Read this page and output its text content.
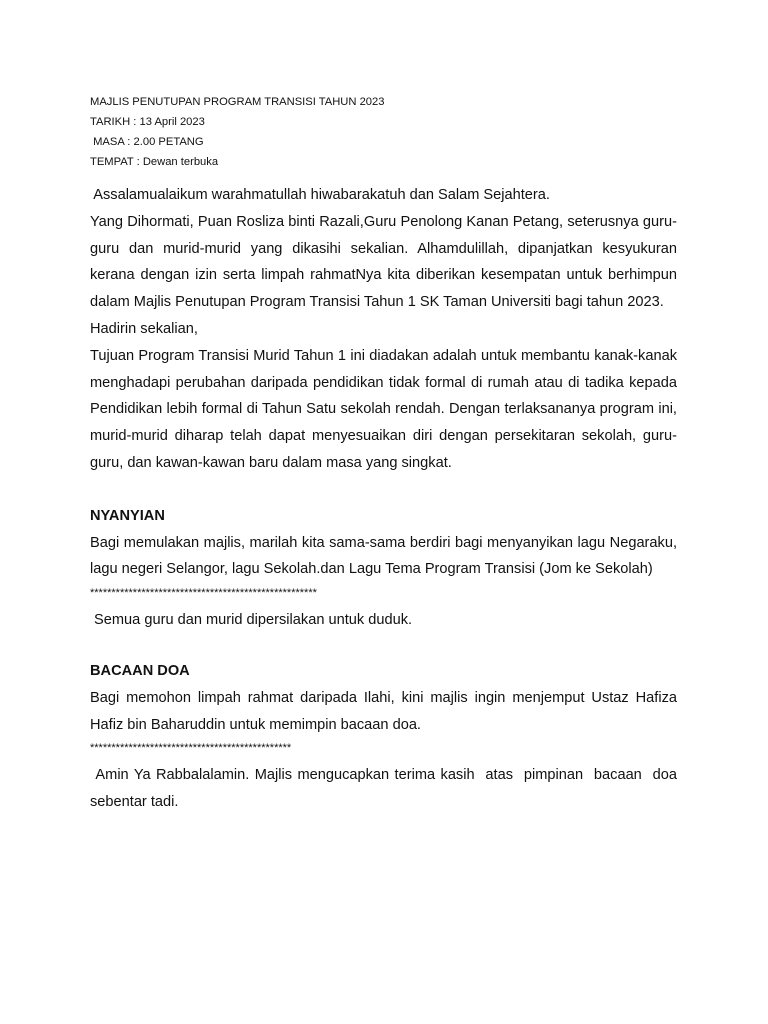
MAJLIS PENUTUPAN PROGRAM TRANSISI TAHUN 2023
TARIKH : 13 April 2023
MASA : 2.00 PETANG
TEMPAT : Dewan terbuka

Assalamualaikum warahmatullah hiwabarakatuh dan Salam Sejahtera.

Yang Dihormati, Puan Rosliza binti Razali,Guru Penolong Kanan Petang, seterusnya guru-guru dan murid-murid yang dikasihi sekalian. Alhamdulillah, dipanjatkan kesyukuran kerana dengan izin serta limpah rahmatNya kita diberikan kesempatan untuk berhimpun dalam Majlis Penutupan Program Transisi Tahun 1 SK Taman Universiti bagi tahun 2023.

Hadirin sekalian,

Tujuan Program Transisi Murid Tahun 1 ini diadakan adalah untuk membantu kanak-kanak menghadapi perubahan daripada pendidikan tidak formal di rumah atau di tadika kepada Pendidikan lebih formal di Tahun Satu sekolah rendah. Dengan terlaksananya program ini, murid-murid diharap telah dapat menyesuaikan diri dengan persekitaran sekolah, guru-guru, dan kawan-kawan baru dalam masa yang singkat.

NYANYIAN

Bagi memulakan majlis, marilah kita sama-sama berdiri bagi menyanyikan lagu Negaraku, lagu negeri Selangor, lagu Sekolah.dan Lagu Tema Program Transisi (Jom ke Sekolah)

*****************************************************

Semua guru dan murid dipersilakan untuk duduk.

BACAAN DOA

Bagi memohon limpah rahmat daripada Ilahi, kini majlis ingin menjemput Ustaz Hafiza Hafiz bin Baharuddin untuk memimpin bacaan doa.

***********************************************

Amin Ya Rabbalalamin. Majlis mengucapkan terima kasih  atas  pimpinan  bacaan  doa sebentar tadi.
